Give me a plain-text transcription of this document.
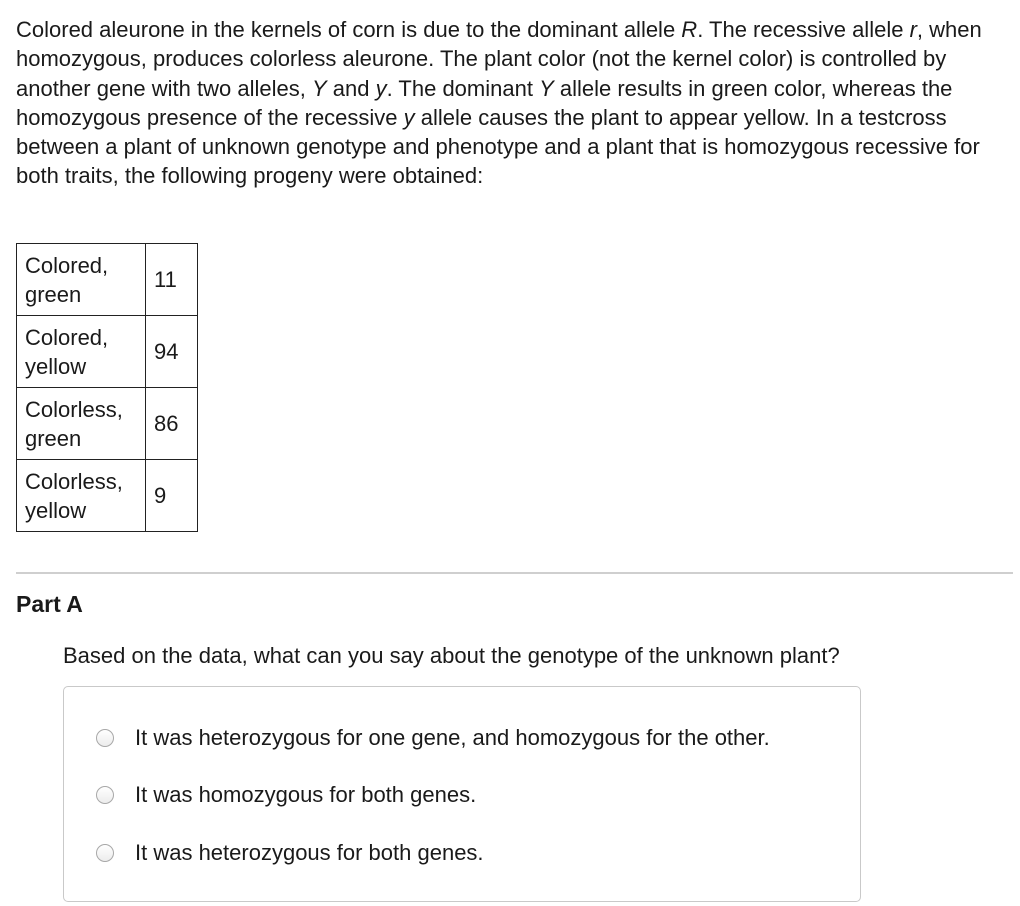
Colored aleurone in the kernels of corn is due to the dominant allele R. The recessive allele r, when homozygous, produces colorless aleurone. The plant color (not the kernel color) is controlled by another gene with two alleles, Y and y. The dominant Y allele results in green color, whereas the homozygous presence of the recessive y allele causes the plant to appear yellow. In a testcross between a plant of unknown genotype and phenotype and a plant that is homozygous recessive for both traits, the following progeny were obtained:

Colored,
green	11
Colored,
yellow	94
Colorless,
green	86
Colorless,
yellow	9
Part A

Based on the data, what can you say about the genotype of the unknown plant?

It was heterozygous for one gene, and homozygous for the other.
It was homozygous for both genes.
It was heterozygous for both genes.
